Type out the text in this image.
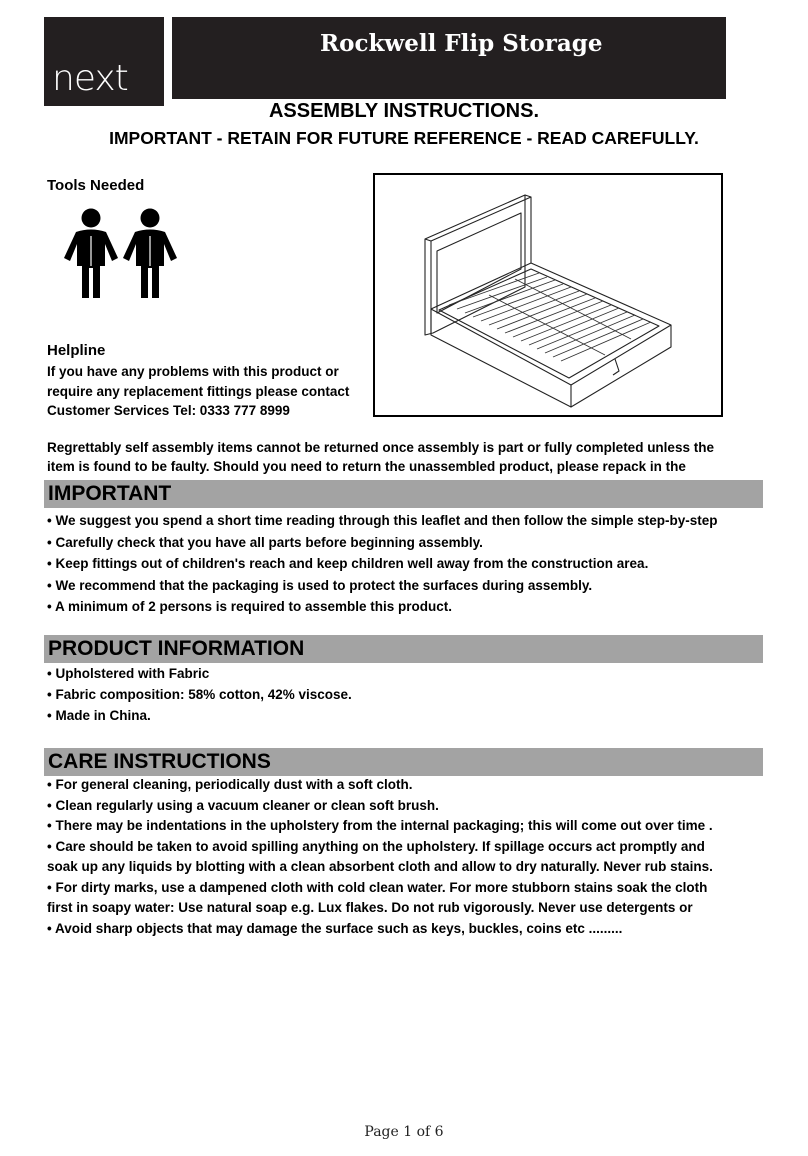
next
Rockwell Flip Storage
ASSEMBLY INSTRUCTIONS.
IMPORTANT - RETAIN FOR FUTURE REFERENCE - READ CAREFULLY.
Tools Needed
Helpline
If you have any problems with this product or
require any replacement fittings please contact
Customer Services Tel: 0333 777 8999
Regrettably self assembly items cannot be returned once assembly is part or fully completed unless the
item is found to be faulty. Should you need to return the unassembled product, please repack in the
IMPORTANT
• We suggest you spend a short time reading through this leaflet and then follow the simple step-by-step
• Carefully check that you have all parts before beginning assembly.
• Keep fittings out of children's reach and keep children well away from the construction area.
• We recommend that the packaging is used to protect the surfaces during assembly.
• A minimum of 2 persons is required to assemble this product.
PRODUCT INFORMATION
• Upholstered with Fabric
• Fabric composition: 58% cotton, 42% viscose.
• Made in China.
CARE INSTRUCTIONS
• For general cleaning, periodically dust with a soft cloth.
• Clean regularly using a vacuum cleaner or clean soft brush.
• There may be indentations in the upholstery from the internal packaging; this will come out over time .
• Care should be taken to avoid spilling anything on the upholstery. If spillage occurs act promptly and
soak up any liquids by blotting with a clean absorbent cloth and allow to dry naturally. Never rub stains.
• For dirty marks, use a dampened cloth with cold clean water. For more stubborn stains soak the cloth
first in soapy water: Use natural soap e.g. Lux flakes. Do not rub vigorously. Never use detergents or
• Avoid sharp objects that may damage the surface such as keys, buckles, coins etc .........
Page 1 of 6
